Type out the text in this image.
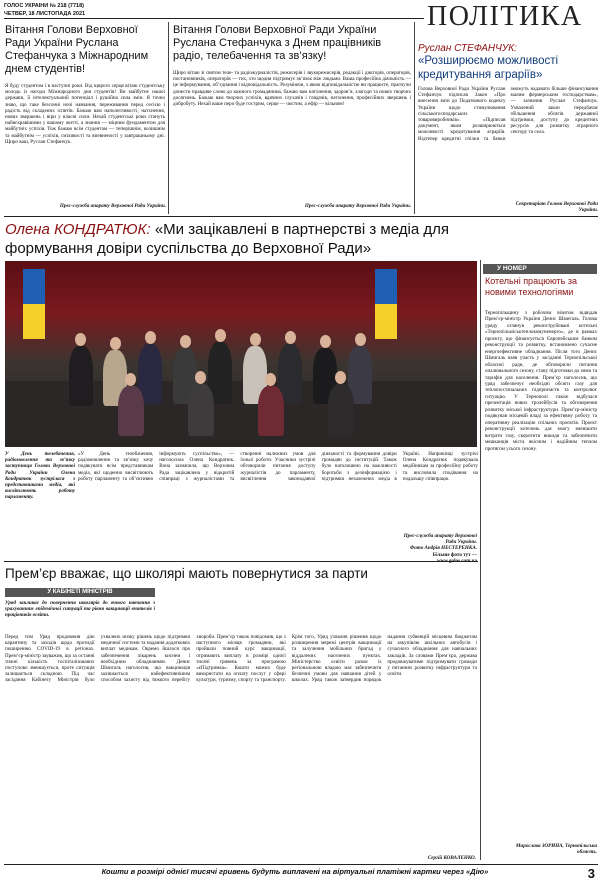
ГОЛОС УКРАЇНИ № 218 (7718)
ЧЕТВЕР, 18 ЛИСТОПАДА 2021	ПОЛІТИКА
Вітання Голови Верховної Ради України Руслана Стефанчука з Міжнародним днем студентів!
Я буду студентом і в наступні роки. Від щирого серця вітаю студентську молодь із нагоди Міжнародного дня студентів! Ви майбутнє нашої держави, її інтелектуальний потенціал і рушійна сила змін. Я точно знаю, що таке безсонні ночі навчання, переживання перед сесією і радість від складених іспитів. Бажаю вам наполегливості, натхнення, нових звершень і віри у власні сили. Нехай студентські роки стануть найяскравішими у вашому житті, а знання — міцним фундаментом для майбутніх успіхів. Тож бажаю всім студентам — теперішнім, колишнім та майбутнім — успіхів, сміливості та впевненості у завтрашньому дні. Щиро ваш, Руслан Стефанчук.
Прес-служба апарату Верховної Ради України.
Вітання Голови Верховної Ради України Руслана Стефанчука з Днем працівників радіо, телебачення та зв’язку!
Щиро вітаю зі святом теле- та радіожурналістів, режисерів і звукорежисерів, редакції і дикторів, операторів, постановників, операторів — тих, хто щодня підтримує зв’язок між людьми. Ваша професійна діяльність — це інформування, об’єднання і відповідальність. Розуміючи, з якою відповідальністю ви працюєте, прагнучи донести правдиве слово до кожного громадянина, бажаю вам натхнення, здоров’я, злагоди та нових творчих досягнень. Бажаю вам творчих успіхів, вдячних слухачів і глядачів, натхнення, професійних звершень і добробуту. Нехай ваше перо буде гострим, серце — чистим, а ефір — вільним!
Прес-служба апарату Верховної Ради України.
Руслан СТЕФАНЧУК:
«Розширюємо можливості кредитування аграріїв»
Голова Верховної Ради України Руслан Стефанчук підписав Закон «Про внесення змін до Податкового кодексу України щодо стимулювання сільськогосподарських товаровиробників». «Підписав документ, яким розширюються можливості кредитування аграріїв. Відтепер кредитні спілки та банки зможуть надавати більше фінансування малим фермерським господарствам», — зазначив Руслан Стефанчук. Ухвалений закон передбачає збільшення обсягів державної підтримки, доступу до кредитних ресурсів для розвитку аграрного сектору та села.
Секретаріат Голови Верховної Ради України.
Олена КОНДРАТЮК: «Ми зацікавлені в партнерстві з медіа для формування довіри суспільства до Верховної Ради»
У НОМЕР
Котельні працюють за новими технологіями
Тернопільщину з робочим візитом відвідав Прем’єр-міністр України Денис Шмигаль. Голова уряду оглянув реконструйовані котельні «Тернопільміськтеплокомуненерго», де в рамках проєкту, що фінансується Європейським банком реконструкції та розвитку, встановлено сучасне енергоефективне обладнання. Після того Денис Шмигаль взяв участь у засіданні Тернопільської обласної ради, де обговорили питання опалювального сезону, стану підготовки до зими та тарифів для населення. Прем’єр наголосив, що уряд забезпечує необхідні обсяги газу для теплопостачальних підприємств та контролює ситуацію. У Тернополі також відбулася презентація нових тролейбусів та обговорення розвитку міської інфраструктури. Прем’єр-міністр подякував місцевій владі за ефективну роботу та оперативну реалізацію спільних проєктів. Проєкт реконструкції котелень дає змогу зменшити витрати газу, скоротити викиди та забезпечити мешканців міста якісним і надійним теплом протягом усього сезону.
Мирослава ЗОРИНА, Тернопільська область.
У День телебачення, радіомовлення та зв’язку заступниця Голови Верховної Ради України Олена Кондратюк зустрілася з представниками медіа, які висвітлюють роботу парламенту.
«У День телебачення, радіомовлення та зв’язку хочу подякувати всім представникам медіа, які щоденно висвітлюють роботу парламенту та об’єктивно інформують суспільство», — наголосила Олена Кондратюк. Вона зазначила, що Верховна Рада зацікавлена у відкритій співпраці з журналістами та створенні належних умов для їхньої роботи. Учасники зустрічі обговорили питання доступу журналістів до парламенту, висвітлення законодавчої діяльності та формування довіри громадян до інституцій. Також було наголошено на важливості боротьби з дезінформацією і підтримки незалежних медіа в Україні. Наприкінці зустрічі Олена Кондратюк подякувала медійникам за професійну роботу та висловила сподівання на подальшу співпрацю.
Прес-служба апарату Верховної Ради України.
Фото Андрія НЕСТЕРЕНКА.
Більше фото тут —
Прем’єр вважає, що школярі мають повернутися за парти
У КАБІНЕТІ МІНІСТРІВ
Уряд закликає до повернення школярів до очного навчання з урахуванням епідемічної ситуації та рівня вакцинації вчителів і працівників освіти.
Перед тим Уряд продовжив дію карантину та заходів щодо протидії поширенню COVID-19 в регіонах. Прем’єр-міністр зауважив, що за останні тижні кількість госпіталізованих поступово зменшується, проте ситуація залишається складною. Під час засідання Кабінету Міністрів було ухвалено низку рішень щодо підтримки медичної системи та надання додаткових виплат медикам. Окремо йшлося про забезпечення лікарень киснем і необхідним обладнанням. Денис Шмигаль наголосив, що вакцинація залишається найефективнішим способом захисту від тяжкого перебігу хвороби. Прем’єр також повідомив, що з наступного місяця громадяни, які пройшли повний курс вакцинації, отримають виплату в розмірі однієї тисячі гривень за програмою «єПідтримка». Кошти можна буде використати на оплату послуг у сфері культури, туризму, спорту та транспорту. Крім того, Уряд ухвалив рішення щодо розширення мережі центрів вакцинації та залучення мобільних бригад у віддалених населених пунктах. Міністерство освіти разом із регіональною владою має забезпечити безпечні умови для навчання дітей у школах. Уряд також затвердив порядок надання субвенцій місцевим бюджетам на закупівлю шкільних автобусів і сучасного обладнання для навчальних закладів. За словами Прем’єра, держава продовжуватиме підтримувати громади у питаннях розвитку інфраструктури та освіти.
Сергій КОВАЛЕНКО.
Кошти в розмірі однієї тисячі гривень будуть виплачені на віртуальні платіжні картки через «Дію»	3
